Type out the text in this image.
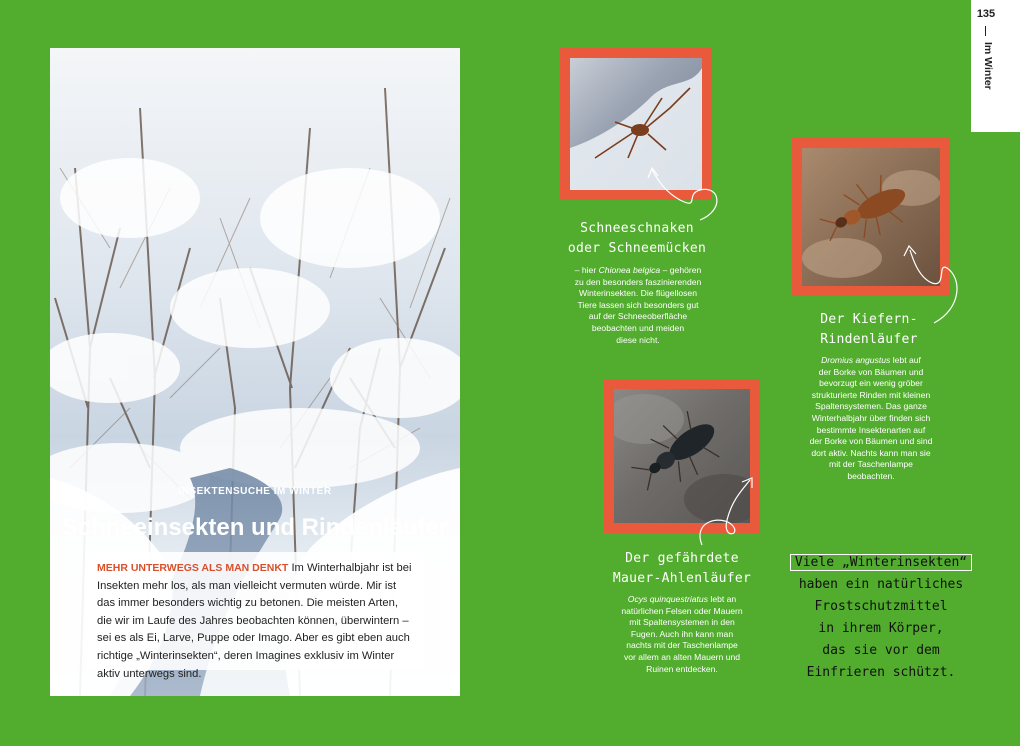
INSEKTENSUCHE IM WINTER
Schneeinsekten und Rindenläufer
MEHR UNTERWEGS ALS MAN DENKT Im Winterhalbjahr ist bei Insekten mehr los, als man vielleicht vermuten würde. Mir ist das immer besonders wichtig zu betonen. Die meisten Arten, die wir im Laufe des Jahres beobachten können, überwintern – sei es als Ei, Larve, Puppe oder Imago. Aber es gibt eben auch richtige „Winterinsekten“, deren Imagines exklusiv im Winter aktiv unterwegs sind.
Schneeschnaken
oder Schneemücken
– hier Chionea belgica – gehören
zu den besonders faszinierenden
Winterinsekten. Die flügellosen
Tiere lassen sich besonders gut
auf der Schneeoberfläche
beobachten und meiden
diese nicht.
Der Kiefern-
Rindenläufer
Dromius angustus lebt auf
der Borke von Bäumen und
bevorzugt ein wenig gröber
strukturierte Rinden mit kleinen
Spaltensystemen. Das ganze
Winterhalbjahr über finden sich
bestimmte Insektenarten auf
der Borke von Bäumen und sind
dort aktiv. Nachts kann man sie
mit der Taschenlampe
beobachten.
Der gefährdete
Mauer-Ahlenläufer
Ocys quinquestriatus lebt an
natürlichen Felsen oder Mauern
mit Spaltensystemen in den
Fugen. Auch ihn kann man
nachts mit der Taschenlampe
vor allem an alten Mauern und
Ruinen entdecken.
Viele „Winterinsekten“
haben ein natürliches
Frostschutzmittel
in ihrem Körper,
das sie vor dem
Einfrieren schützt.
135
Im Winter
